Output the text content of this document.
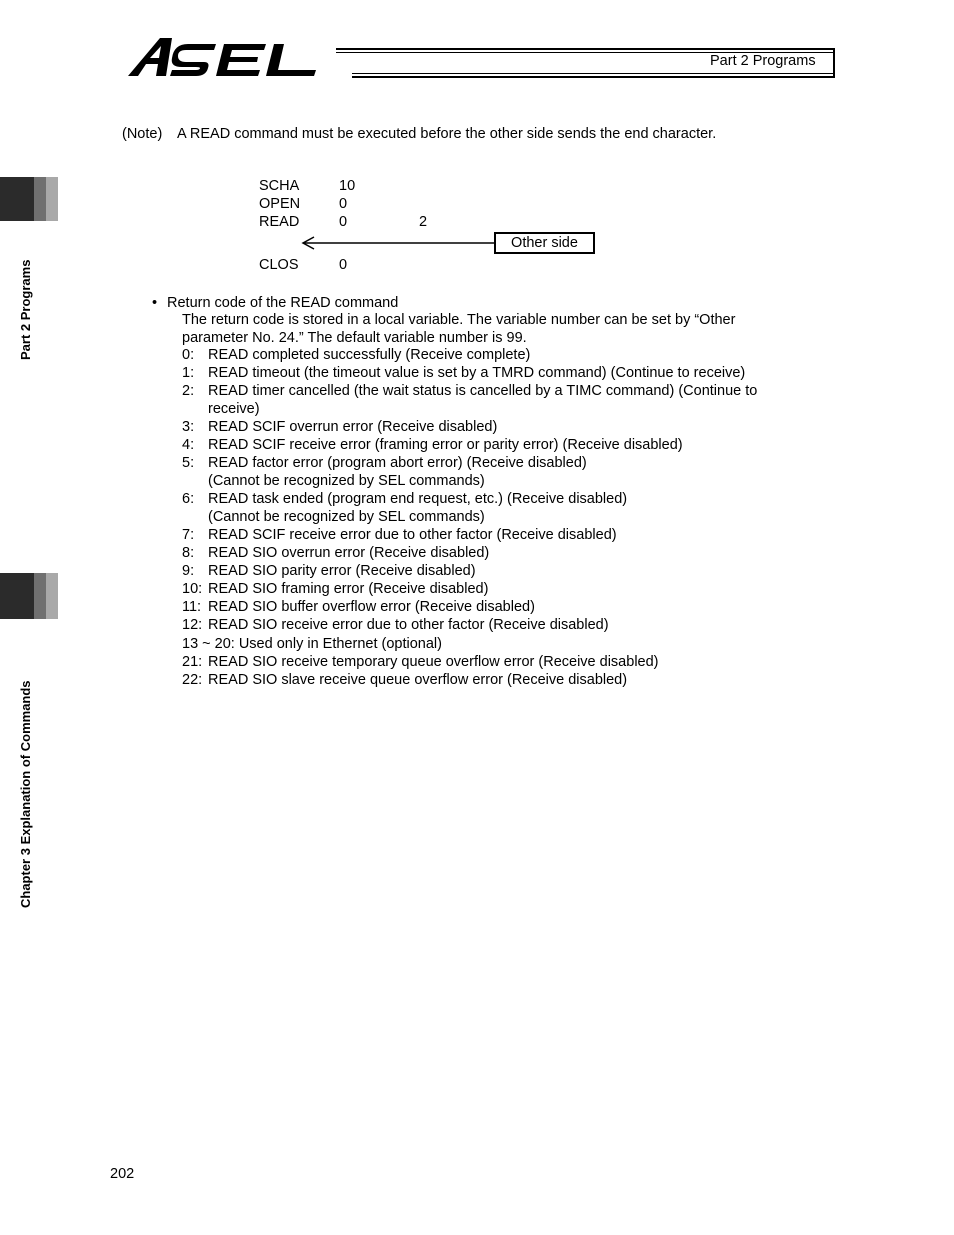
Part 2 Programs
Part 2 Programs
Chapter 3 Explanation of Commands
(Note) A READ command must be executed before the other side sends the end character.
SCHA	10
OPEN	0
READ	0	2
CLOS	0
Other side
• Return code of the READ command
The return code is stored in a local variable. The variable number can be set by “Other
parameter No. 24.” The default variable number is 99.
0: READ completed successfully (Receive complete)
1: READ timeout (the timeout value is set by a TMRD command) (Continue to receive)
2: READ timer cancelled (the wait status is cancelled by a TIMC command) (Continue to
receive)
3: READ SCIF overrun error (Receive disabled)
4: READ SCIF receive error (framing error or parity error) (Receive disabled)
5: READ factor error (program abort error) (Receive disabled)
(Cannot be recognized by SEL commands)
6: READ task ended (program end request, etc.) (Receive disabled)
(Cannot be recognized by SEL commands)
7: READ SCIF receive error due to other factor (Receive disabled)
8: READ SIO overrun error (Receive disabled)
9: READ SIO parity error (Receive disabled)
10: READ SIO framing error (Receive disabled)
11: READ SIO buffer overflow error (Receive disabled)
12: READ SIO receive error due to other factor (Receive disabled)
13 ~ 20: Used only in Ethernet (optional)
21: READ SIO receive temporary queue overflow error (Receive disabled)
22: READ SIO slave receive queue overflow error (Receive disabled)
202
